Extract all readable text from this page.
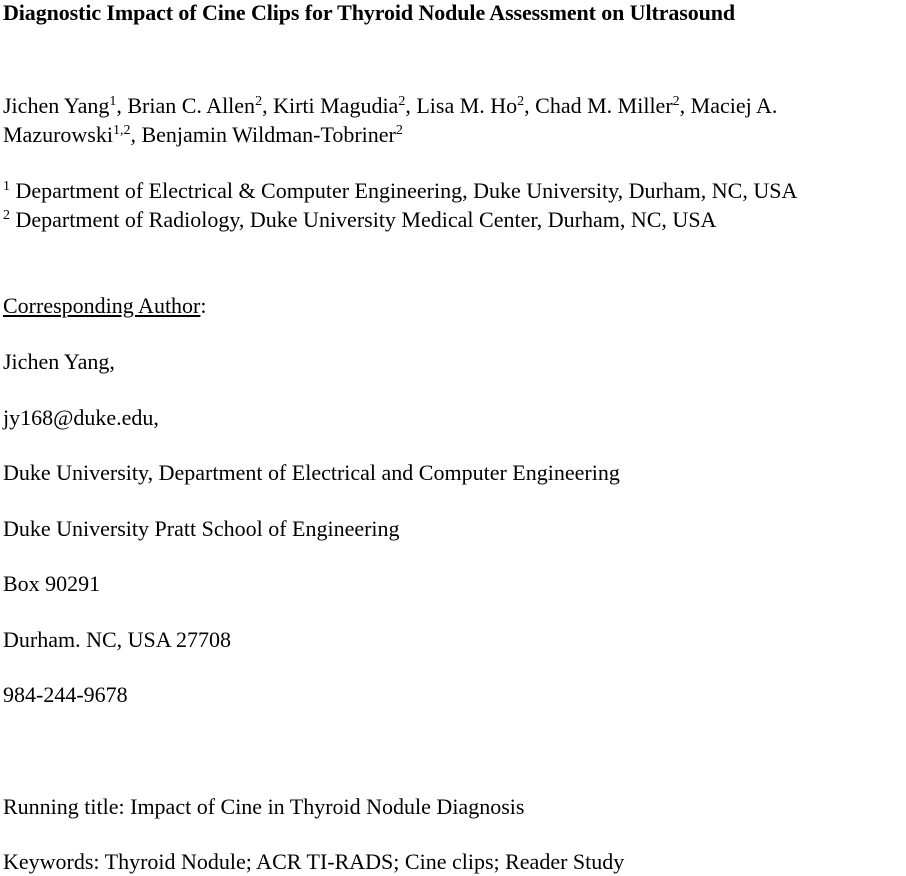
Diagnostic Impact of Cine Clips for Thyroid Nodule Assessment on Ultrasound
Jichen Yang$^1$, Brian C. Allen$^2$, Kirti Magudia$^2$, Lisa M. Ho$^2$, Chad M. Miller$^2$, Maciej A. Mazurowski$^{1,2}$, Benjamin Wildman-Tobriner$^2$
$^1$ Department of Electrical & Computer Engineering, Duke University, Durham, NC, USA
$^2$ Department of Radiology, Duke University Medical Center, Durham, NC, USA
Corresponding Author:
Jichen Yang,
jy168@duke.edu,
Duke University, Department of Electrical and Computer Engineering
Duke University Pratt School of Engineering
Box 90291
Durham. NC, USA 27708
984-244-9678
Running title: Impact of Cine in Thyroid Nodule Diagnosis
Keywords: Thyroid Nodule; ACR TI-RADS; Cine clips; Reader Study
